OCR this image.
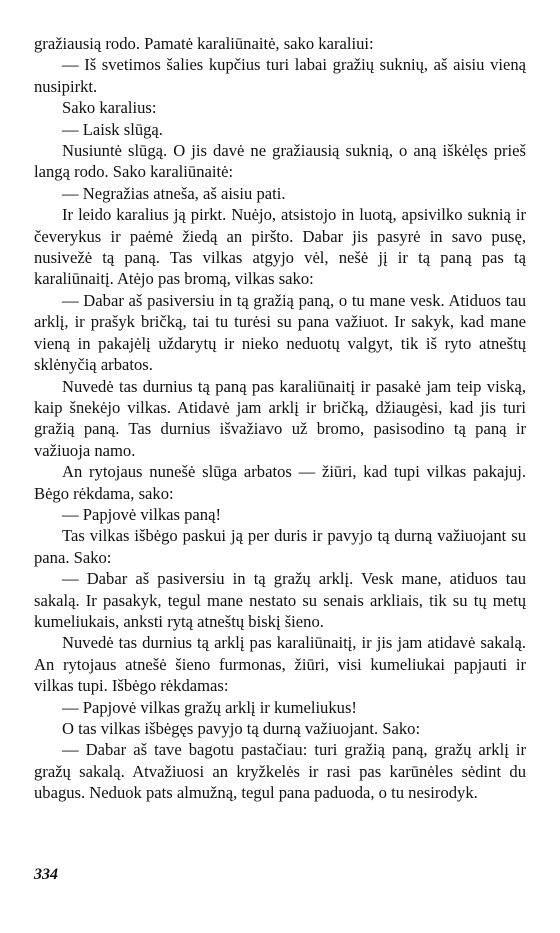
gražiausią rodo. Pamatė karaliūnaitė, sako karaliui:

— Iš svetimos šalies kupčius turi labai gražių suknių, aš aisiu vieną nusipirkt.

Sako karalius:

— Laisk slūgą.

Nusiuntė slūgą. O jis davė ne gražiausią suknią, o aną iškėlęs prieš langą rodo. Sako karaliūnaitė:

— Negražias atneša, aš aisiu pati.

Ir leido karalius ją pirkt. Nuėjo, atsistojo in luotą, apsivilko suknią ir čeverykus ir paėmė žiedą an piršto. Dabar jis pasyrė in savo pusę, nusivežė tą paną. Tas vilkas atgyjo vėl, nešė jį ir tą paną pas tą karaliūnaitį. Atėjo pas bromą, vilkas sako:

— Dabar aš pasiversiu in tą gražią paną, o tu mane vesk. Atiduos tau arklį, ir prašyk bričką, tai tu turėsi su pana važiuot. Ir sakyk, kad mane vieną in pakajėlį uždarytų ir nieko neduotų valgyt, tik iš ryto atneštų sklėnyčią arbatos.

Nuvedė tas durnius tą paną pas karaliūnaitį ir pasakė jam teip viską, kaip šnekėjo vilkas. Atidavė jam arklį ir bričką, džiaugėsi, kad jis turi gražią paną. Tas durnius išvažiavo už bromo, pasisodino tą paną ir važiuoja namo.

An rytojaus nunešė slūga arbatos — žiūri, kad tupi vilkas pakajuj. Bėgo rėkdama, sako:

— Papjovė vilkas paną!

Tas vilkas išbėgo paskui ją per duris ir pavyjo tą durną važiuojant su pana. Sako:

— Dabar aš pasiversiu in tą gražų arklį. Vesk mane, atiduos tau sakalą. Ir pasakyk, tegul mane nestato su senais arkliais, tik su tų metų kumeliukais, anksti rytą atneštų biskį šieno.

Nuvedė tas durnius tą arklį pas karaliūnaitį, ir jis jam atidavė sakalą. An rytojaus atnešė šieno furmonas, žiūri, visi kumeliukai papjauti ir vilkas tupi. Išbėgo rėkdamas:

— Papjovė vilkas gražų arklį ir kumeliukus!

O tas vilkas išbėgęs pavyjo tą durną važiuojant. Sako:

— Dabar aš tave bagotu pastačiau: turi gražią paną, gražų arklį ir gražų sakalą. Atvažiuosi an kryžkelės ir rasi pas karūnėles sėdint du ubagus. Neduok pats almužną, tegul pana paduoda, o tu nesirodyk.

334
